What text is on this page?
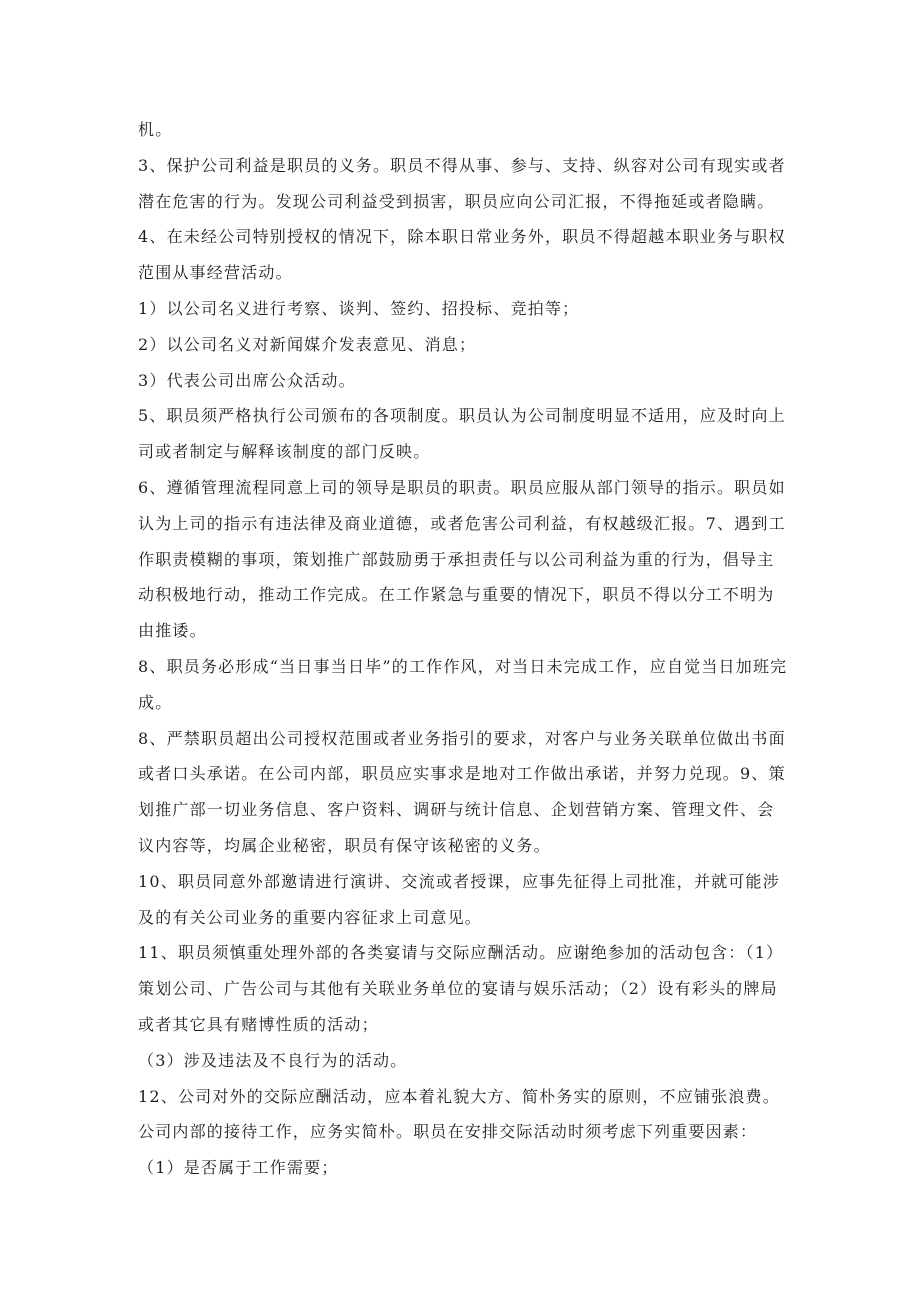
机。

3、保护公司利益是职员的义务。职员不得从事、参与、支持、纵容对公司有现实或者潜在危害的行为。发现公司利益受到损害，职员应向公司汇报，不得拖延或者隐瞒。

4、在未经公司特别授权的情况下，除本职日常业务外，职员不得超越本职业务与职权范围从事经营活动。

1）以公司名义进行考察、谈判、签约、招投标、竞拍等；

2）以公司名义对新闻媒介发表意见、消息；

3）代表公司出席公众活动。

5、职员须严格执行公司颁布的各项制度。职员认为公司制度明显不适用，应及时向上司或者制定与解释该制度的部门反映。

6、遵循管理流程同意上司的领导是职员的职责。职员应服从部门领导的指示。职员如认为上司的指示有违法律及商业道德，或者危害公司利益，有权越级汇报。7、遇到工作职责模糊的事项，策划推广部鼓励勇于承担责任与以公司利益为重的行为，倡导主动积极地行动，推动工作完成。在工作紧急与重要的情况下，职员不得以分工不明为由推诿。

8、职员务必形成“当日事当日毕”的工作作风，对当日未完成工作，应自觉当日加班完成。

8、严禁职员超出公司授权范围或者业务指引的要求，对客户与业务关联单位做出书面或者口头承诺。在公司内部，职员应实事求是地对工作做出承诺，并努力兑现。9、策划推广部一切业务信息、客户资料、调研与统计信息、企划营销方案、管理文件、会议内容等，均属企业秘密，职员有保守该秘密的义务。

10、职员同意外部邀请进行演讲、交流或者授课，应事先征得上司批准，并就可能涉及的有关公司业务的重要内容征求上司意见。

11、职员须慎重处理外部的各类宴请与交际应酬活动。应谢绝参加的活动包含：（1）策划公司、广告公司与其他有关联业务单位的宴请与娱乐活动；（2）设有彩头的牌局或者其它具有赌博性质的活动；

（3）涉及违法及不良行为的活动。

12、公司对外的交际应酬活动，应本着礼貌大方、简朴务实的原则，不应铺张浪费。公司内部的接待工作，应务实简朴。职员在安排交际活动时须考虑下列重要因素：

（1）是否属于工作需要；
